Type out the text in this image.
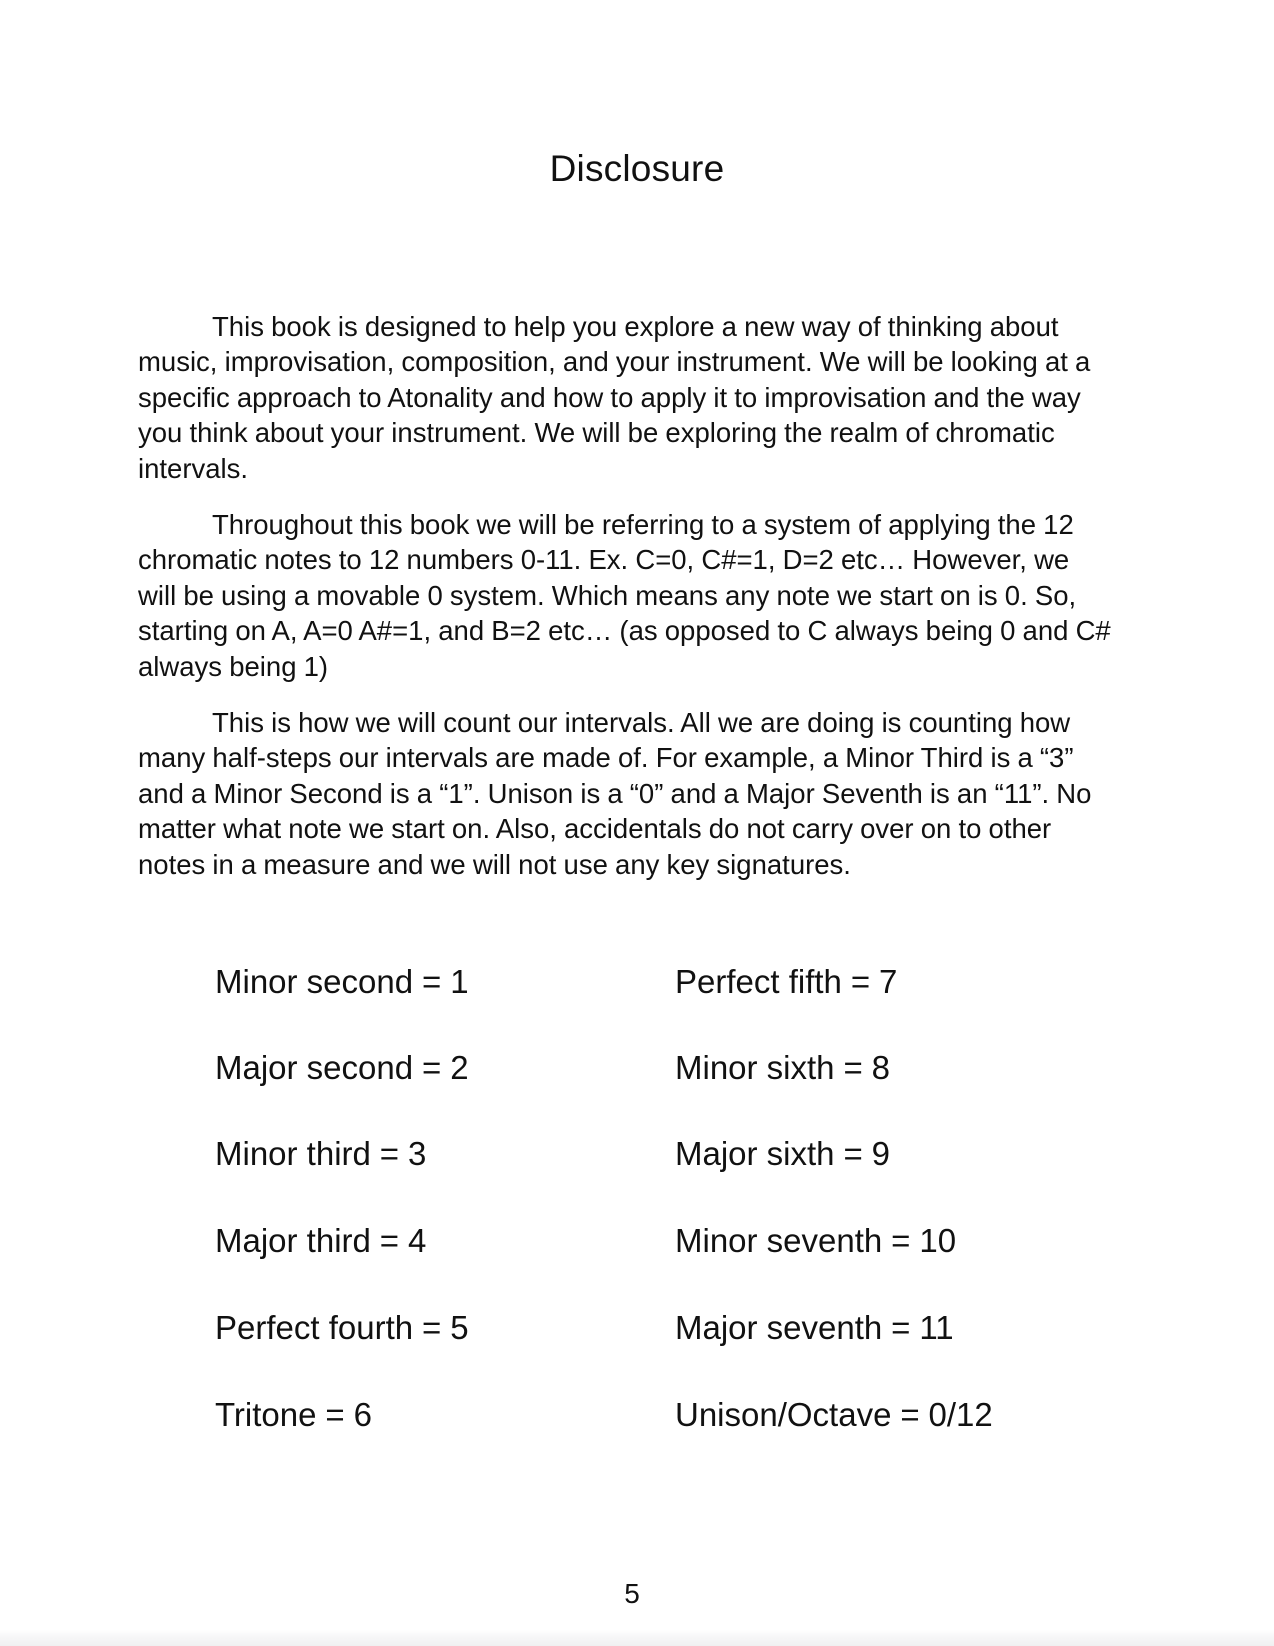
Disclosure

This book is designed to help you explore a new way of thinking about music, improvisation, composition, and your instrument. We will be looking at a specific approach to Atonality and how to apply it to improvisation and the way you think about your instrument. We will be exploring the realm of chromatic intervals.

Throughout this book we will be referring to a system of applying the 12 chromatic notes to 12 numbers 0-11. Ex. C=0, C#=1, D=2 etc… However, we will be using a movable 0 system. Which means any note we start on is 0. So, starting on A, A=0 A#=1, and B=2 etc… (as opposed to C always being 0 and C# always being 1)

This is how we will count our intervals. All we are doing is counting how many half-steps our intervals are made of. For example, a Minor Third is a “3” and a Minor Second is a “1”. Unison is a “0” and a Major Seventh is an “11”. No matter what note we start on. Also, accidentals do not carry over on to other notes in a measure and we will not use any key signatures.

Minor second = 1
Major second = 2
Minor third = 3
Major third = 4
Perfect fourth = 5
Tritone = 6
Perfect fifth = 7
Minor sixth = 8
Major sixth = 9
Minor seventh = 10
Major seventh = 11
Unison/Octave = 0/12
5
